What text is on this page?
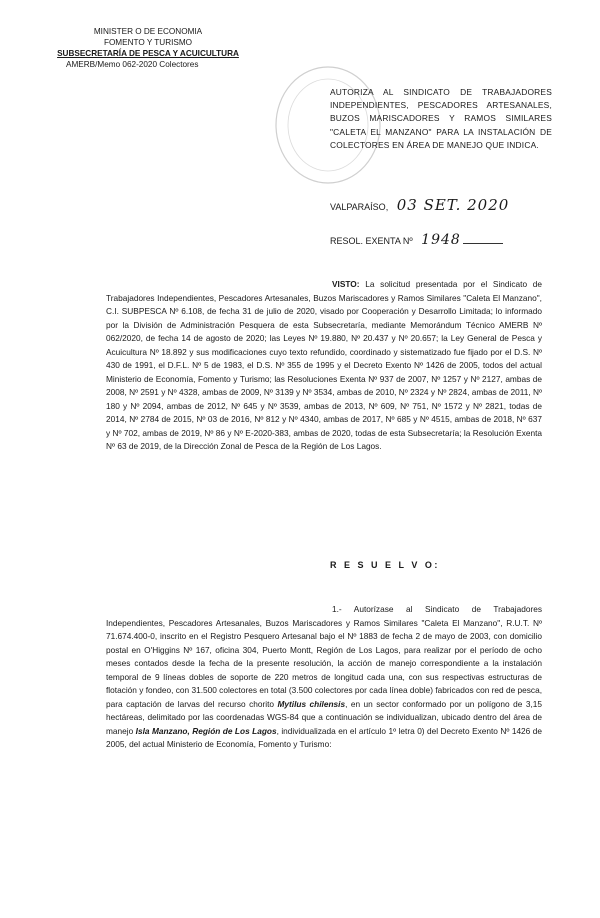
MINISTER O DE ECONOMIA
FOMENTO Y TURISMO
SUBSECRETARÍA DE PESCA Y ACUICULTURA
AMERB/Memo 062-2020 Colectores
AUTORIZA AL SINDICATO DE TRABAJADORES INDEPENDIENTES, PESCADORES ARTESANALES, BUZOS MARISCADORES Y RAMOS SIMILARES "CALETA EL MANZANO" PARA LA INSTALACIÓN DE COLECTORES EN ÁREA DE MANEJO QUE INDICA.
VALPARAÍSO, 03 SET. 2020
RESOL. EXENTA Nº 1948
VISTO: La solicitud presentada por el Sindicato de Trabajadores Independientes, Pescadores Artesanales, Buzos Mariscadores y Ramos Similares "Caleta El Manzano", C.I. SUBPESCA Nº 6.108, de fecha 31 de julio de 2020, visado por Cooperación y Desarrollo Limitada; lo informado por la División de Administración Pesquera de esta Subsecretaría, mediante Memorándum Técnico AMERB Nº 062/2020, de fecha 14 de agosto de 2020; las Leyes Nº 19.880, Nº 20.437 y Nº 20.657; la Ley General de Pesca y Acuicultura Nº 18.892 y sus modificaciones cuyo texto refundido, coordinado y sistematizado fue fijado por el D.S. Nº 430 de 1991, el D.F.L. Nº 5 de 1983, el D.S. Nº 355 de 1995 y el Decreto Exento Nº 1426 de 2005, todos del actual Ministerio de Economía, Fomento y Turismo; las Resoluciones Exenta Nº 937 de 2007, Nº 1257 y Nº 2127, ambas de 2008, Nº 2591 y Nº 4328, ambas de 2009, Nº 3139 y Nº 3534, ambas de 2010, Nº 2324 y Nº 2824, ambas de 2011, Nº 180 y Nº 2094, ambas de 2012, Nº 645 y Nº 3539, ambas de 2013, Nº 609, Nº 751, Nº 1572 y Nº 2821, todas de 2014, Nº 2784 de 2015, Nº 03 de 2016, Nº 812 y Nº 4340, ambas de 2017, Nº 685 y Nº 4515, ambas de 2018, Nº 637 y Nº 702, ambas de 2019, Nº 86 y Nº E-2020-383, ambas de 2020, todas de esta Subsecretaría; la Resolución Exenta Nº 63 de 2019, de la Dirección Zonal de Pesca de la Región de Los Lagos.
R E S U E L V O:
1.- Autorízase al Sindicato de Trabajadores Independientes, Pescadores Artesanales, Buzos Mariscadores y Ramos Similares "Caleta El Manzano", R.U.T. Nº 71.674.400-0, inscrito en el Registro Pesquero Artesanal bajo el Nº 1883 de fecha 2 de mayo de 2003, con domicilio postal en O'Higgins Nº 167, oficina 304, Puerto Montt, Región de Los Lagos, para realizar por el período de ocho meses contados desde la fecha de la presente resolución, la acción de manejo correspondiente a la instalación temporal de 9 líneas dobles de soporte de 220 metros de longitud cada una, con sus respectivas estructuras de flotación y fondeo, con 31.500 colectores en total (3.500 colectores por cada línea doble) fabricados con red de pesca, para captación de larvas del recurso chorito Mytilus chilensis, en un sector conformado por un polígono de 3,15 hectáreas, delimitado por las coordenadas WGS-84 que a continuación se individualizan, ubicado dentro del área de manejo Isla Manzano, Región de Los Lagos, individualizada en el artículo 1º letra 0) del Decreto Exento Nº 1426 de 2005, del actual Ministerio de Economía, Fomento y Turismo:
